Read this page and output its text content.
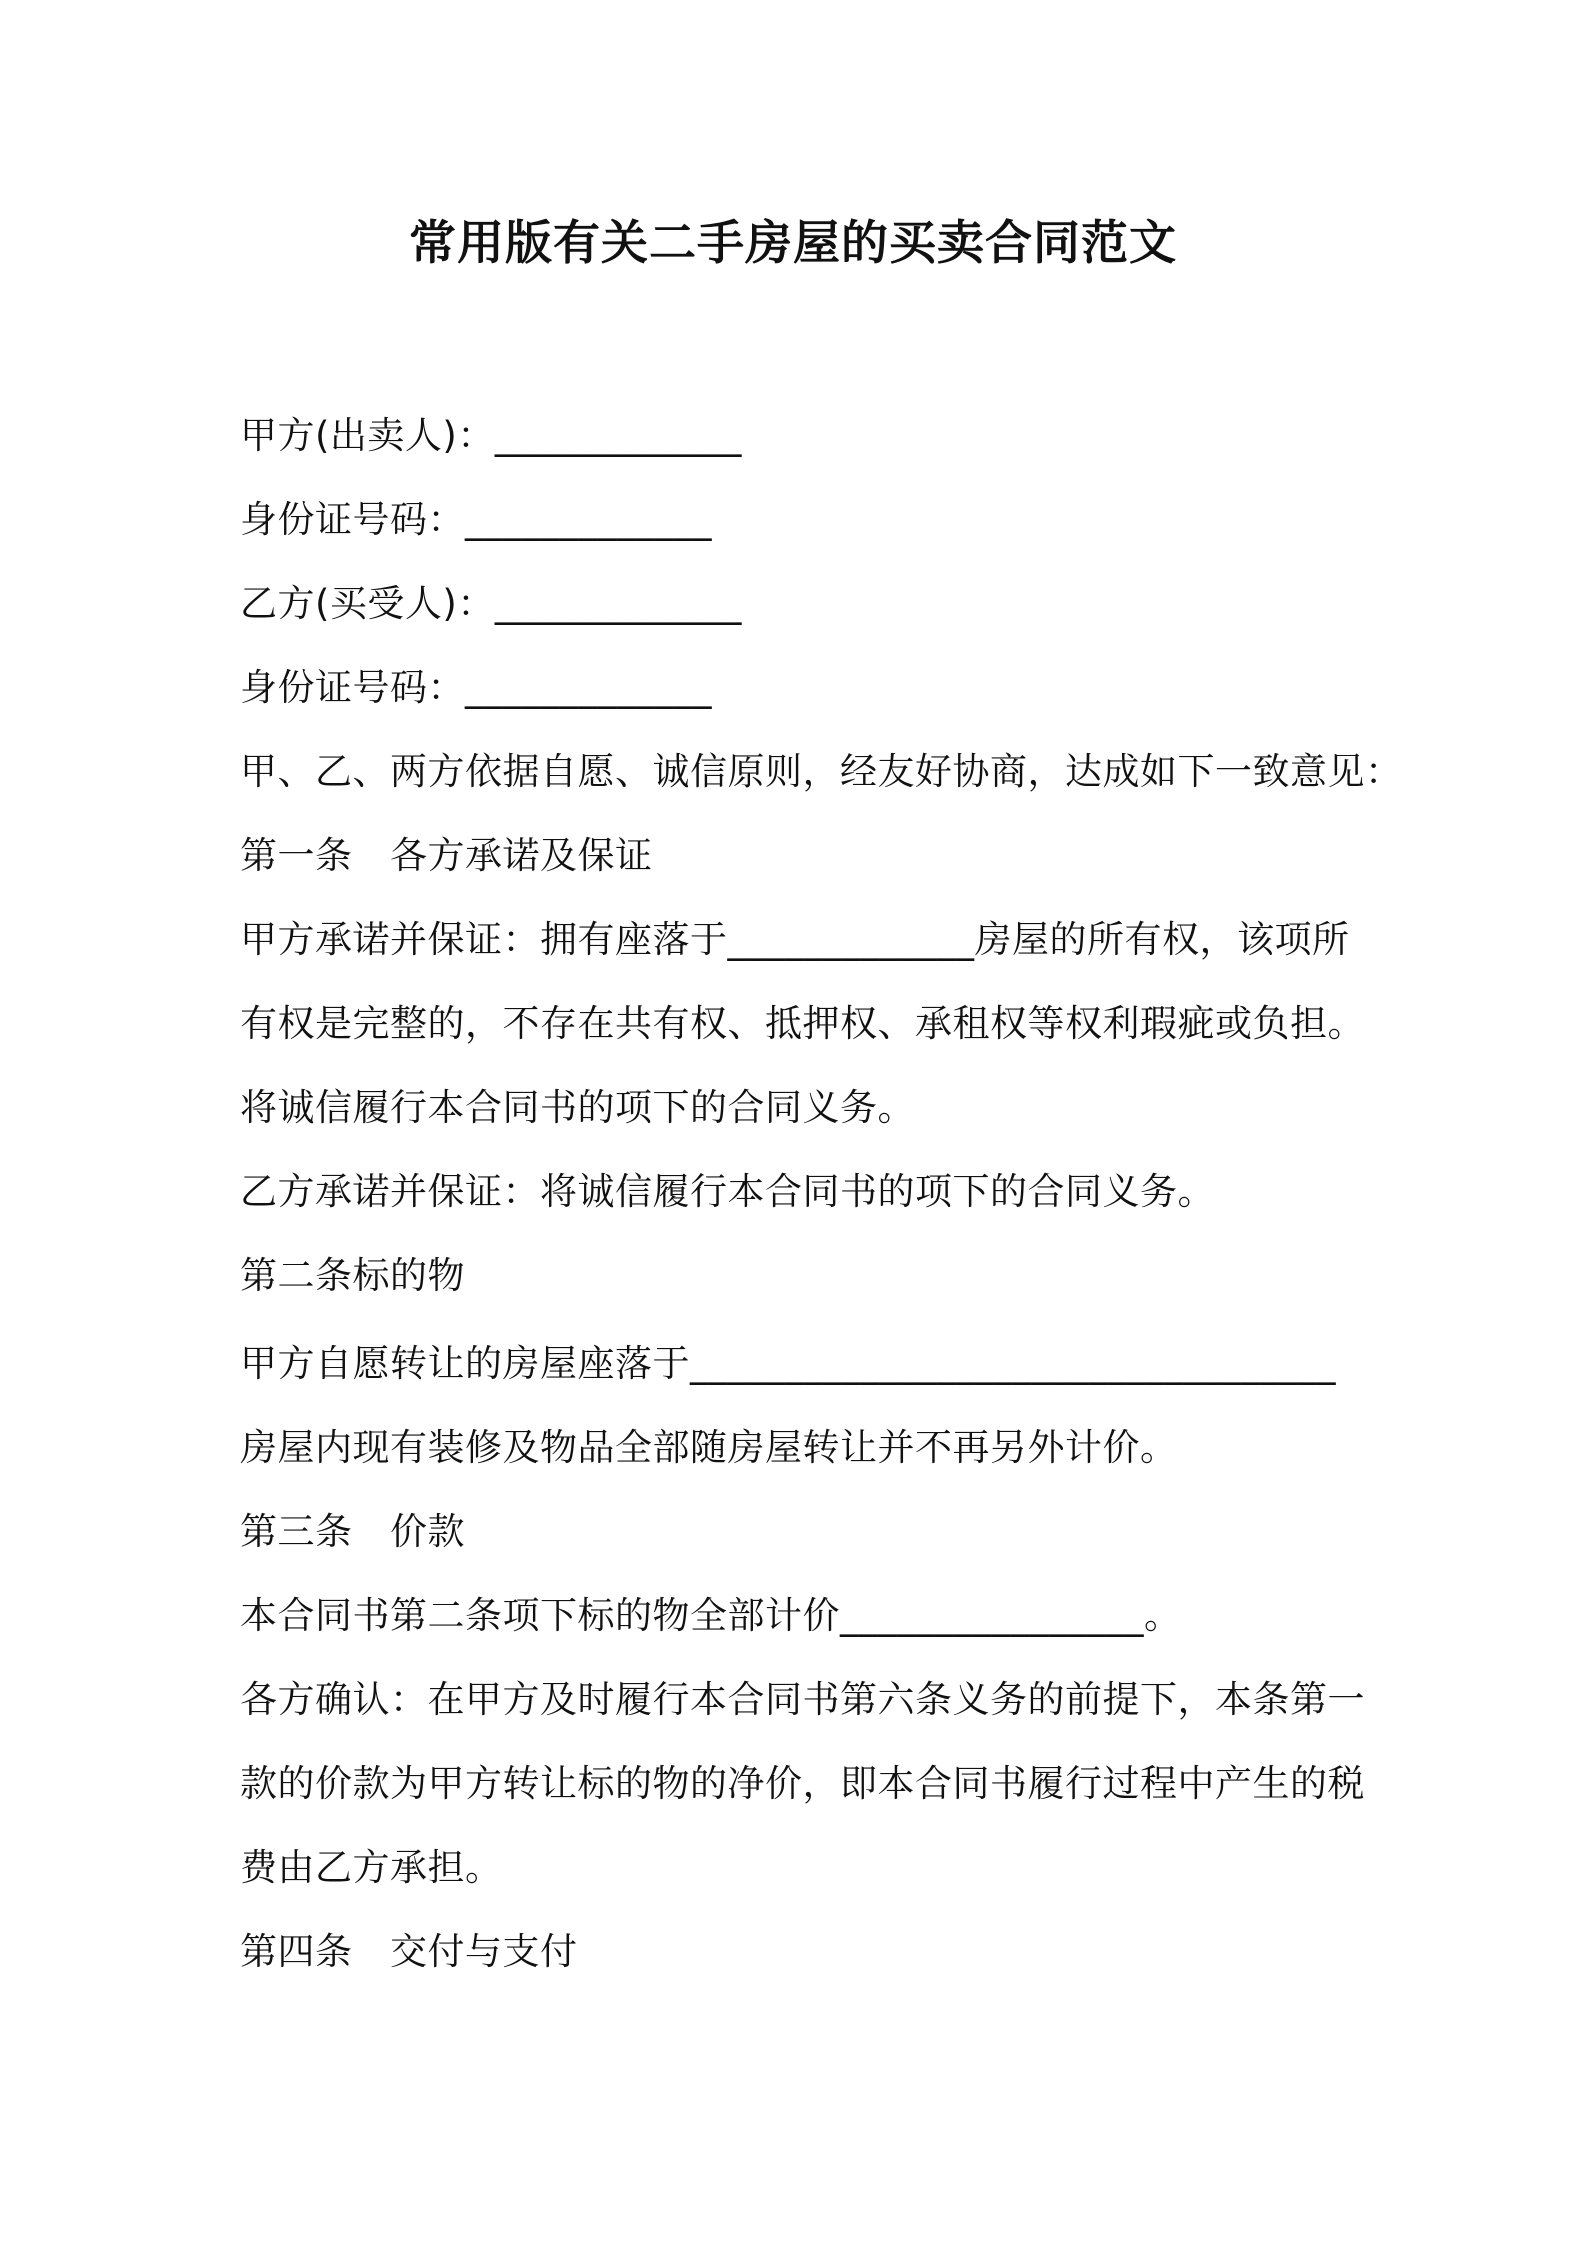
常用版有关二手房屋的买卖合同范文
甲方(出卖人)：_____________
身份证号码：_____________
乙方(买受人)：_____________
身份证号码：_____________
甲、乙、两方依据自愿、诚信原则，经友好协商，达成如下一致意见：
第一条　各方承诺及保证
甲方承诺并保证：拥有座落于_____________房屋的所有权，该项所
有权是完整的，不存在共有权、抵押权、承租权等权利瑕疵或负担。
将诚信履行本合同书的项下的合同义务。
乙方承诺并保证：将诚信履行本合同书的项下的合同义务。
第二条标的物
甲方自愿转让的房屋座落于__________________________________
房屋内现有装修及物品全部随房屋转让并不再另外计价。
第三条　价款
本合同书第二条项下标的物全部计价________________。
各方确认：在甲方及时履行本合同书第六条义务的前提下，本条第一
款的价款为甲方转让标的物的净价，即本合同书履行过程中产生的税
费由乙方承担。
第四条　交付与支付
